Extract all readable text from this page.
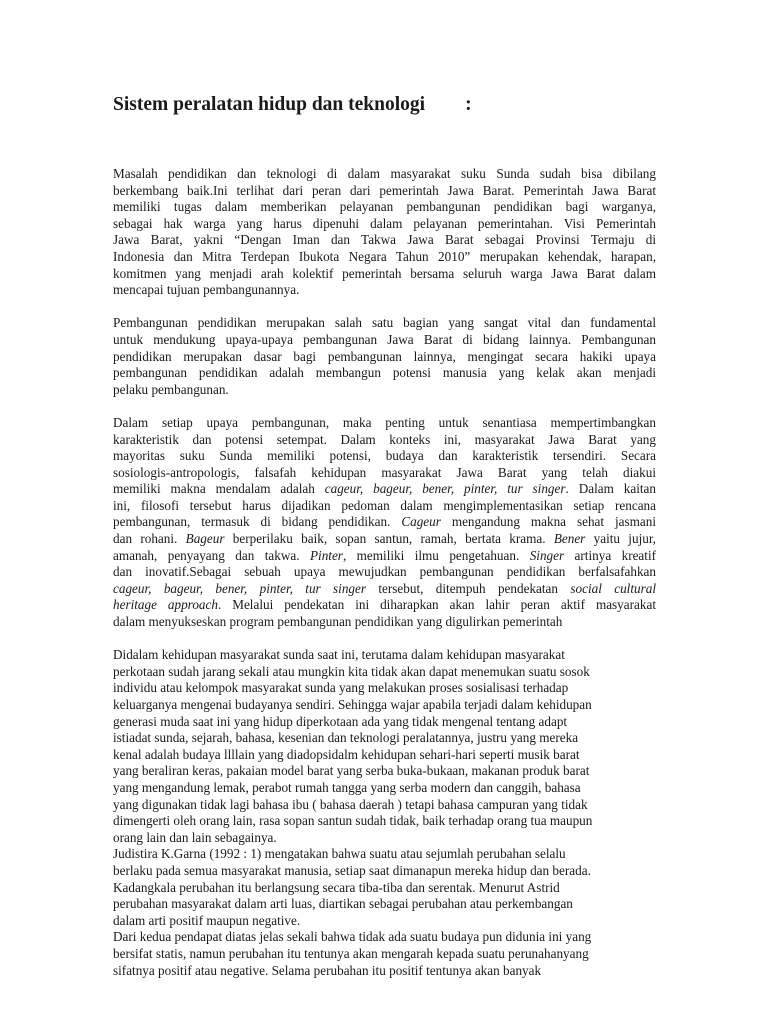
Sistem peralatan hidup dan teknologi :
Masalah pendidikan dan teknologi di dalam masyarakat suku Sunda sudah bisa dibilang
berkembang baik.Ini terlihat dari peran dari pemerintah Jawa Barat. Pemerintah Jawa Barat
memiliki tugas dalam memberikan pelayanan pembangunan pendidikan bagi warganya,
sebagai hak warga yang harus dipenuhi dalam pelayanan pemerintahan. Visi Pemerintah
Jawa Barat, yakni “Dengan Iman dan Takwa Jawa Barat sebagai Provinsi Termaju di
Indonesia dan Mitra Terdepan Ibukota Negara Tahun 2010” merupakan kehendak, harapan,
komitmen yang menjadi arah kolektif pemerintah bersama seluruh warga Jawa Barat dalam
mencapai tujuan pembangunannya.
Pembangunan pendidikan merupakan salah satu bagian yang sangat vital dan fundamental
untuk mendukung upaya-upaya pembangunan Jawa Barat di bidang lainnya. Pembangunan
pendidikan merupakan dasar bagi pembangunan lainnya, mengingat secara hakiki upaya
pembangunan pendidikan adalah membangun potensi manusia yang kelak akan menjadi
pelaku pembangunan.
Dalam setiap upaya pembangunan, maka penting untuk senantiasa mempertimbangkan
karakteristik dan potensi setempat. Dalam konteks ini, masyarakat Jawa Barat yang
mayoritas suku Sunda memiliki potensi, budaya dan karakteristik tersendiri. Secara
sosiologis-antropologis, falsafah kehidupan masyarakat Jawa Barat yang telah diakui
memiliki makna mendalam adalah cageur, bageur, bener, pinter, tur singer. Dalam kaitan
ini, filosofi tersebut harus dijadikan pedoman dalam mengimplementasikan setiap rencana
pembangunan, termasuk di bidang pendidikan. Cageur mengandung makna sehat jasmani
dan rohani. Bageur berperilaku baik, sopan santun, ramah, bertata krama. Bener yaitu jujur,
amanah, penyayang dan takwa. Pinter, memiliki ilmu pengetahuan. Singer artinya kreatif
dan inovatif.Sebagai sebuah upaya mewujudkan pembangunan pendidikan berfalsafahkan
cageur, bageur, bener, pinter, tur singer tersebut, ditempuh pendekatan social cultural
heritage approach. Melalui pendekatan ini diharapkan akan lahir peran aktif masyarakat
dalam menyukseskan program pembangunan pendidikan yang digulirkan pemerintah
Didalam kehidupan masyarakat sunda saat ini, terutama dalam kehidupan masyarakat
perkotaan sudah jarang sekali atau mungkin kita tidak akan dapat menemukan suatu sosok
individu atau kelompok masyarakat sunda yang melakukan proses sosialisasi terhadap
keluarganya mengenai budayanya sendiri. Sehingga wajar apabila terjadi dalam kehidupan
generasi muda saat ini yang hidup diperkotaan ada yang tidak mengenal tentang adapt
istiadat sunda, sejarah, bahasa, kesenian dan teknologi peralatannya, justru yang mereka
kenal adalah budaya llllain yang diadopsidalm kehidupan sehari-hari seperti musik barat
yang beraliran keras, pakaian model barat yang serba buka-bukaan, makanan produk barat
yang mengandung lemak, perabot rumah tangga yang serba modern dan canggih, bahasa
yang digunakan tidak lagi bahasa ibu ( bahasa daerah ) tetapi bahasa campuran yang tidak
dimengerti oleh orang lain, rasa sopan santun sudah tidak, baik terhadap orang tua maupun
orang lain dan lain sebagainya.
Judistira K.Garna (1992 : 1) mengatakan bahwa suatu atau sejumlah perubahan selalu
berlaku pada semua masyarakat manusia, setiap saat dimanapun mereka hidup dan berada.
Kadangkala perubahan itu berlangsung secara tiba-tiba dan serentak. Menurut Astrid
perubahan masyarakat dalam arti luas, diartikan sebagai perubahan atau perkembangan
dalam arti positif maupun negative.
Dari kedua pendapat diatas jelas sekali bahwa tidak ada suatu budaya pun didunia ini yang
bersifat statis, namun perubahan itu tentunya akan mengarah kepada suatu perunahanyang
sifatnya positif atau negative. Selama perubahan itu positif tentunya akan banyak
